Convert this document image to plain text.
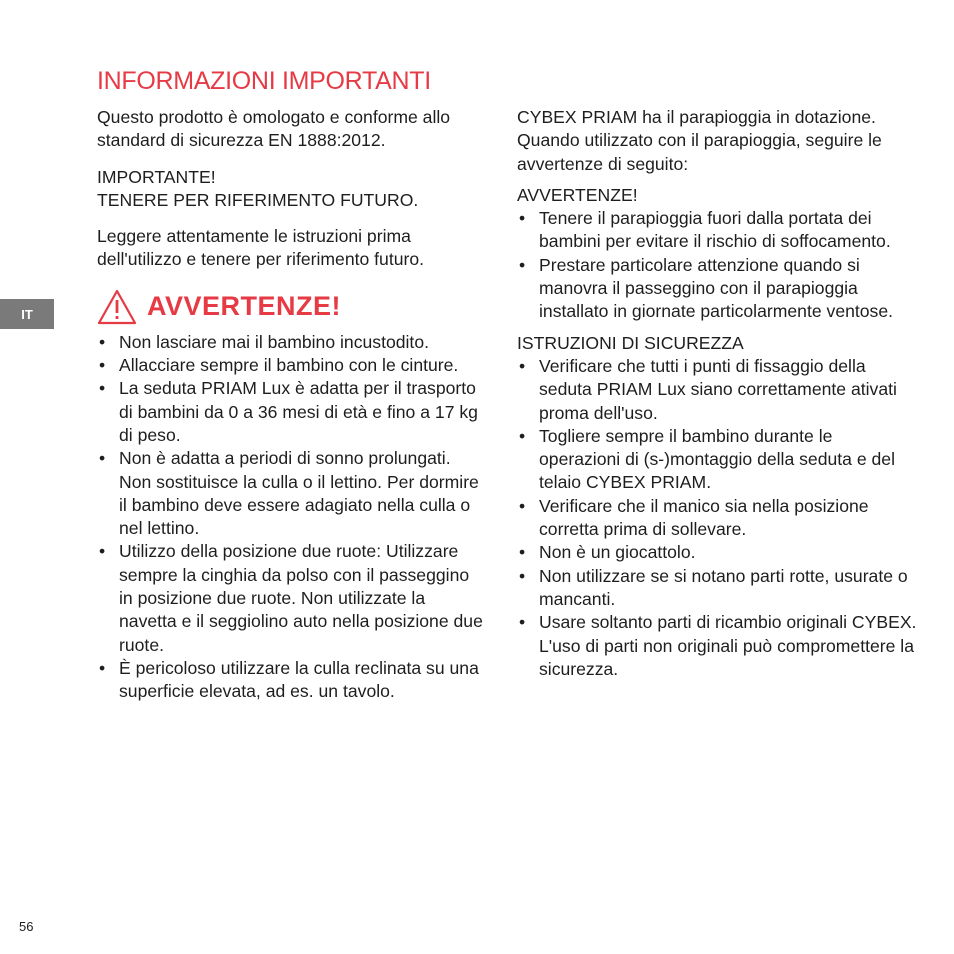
INFORMAZIONI IMPORTANTI
IT

Questo prodotto è omologato e conforme allo standard di sicurezza EN 1888:2012.

IMPORTANTE!

TENERE PER RIFERIMENTO FUTURO.

Leggere attentamente le istruzioni prima dell'utilizzo e tenere per riferimento futuro.

AVVERTENZE!
• Non lasciare mai il bambino incustodito.
• Allacciare sempre il bambino con le cinture.
• La seduta PRIAM Lux è adatta per il trasporto di bambini da 0 a 36 mesi di età e fino a 17 kg di peso.
• Non è adatta a periodi di sonno prolungati. Non sostituisce la culla o il lettino. Per dormire il bambino deve essere adagiato nella culla o nel lettino.
• Utilizzo della posizione due ruote: Utilizzare sempre la cinghia da polso con il passeggino in posizione due ruote. Non utilizzate la navetta e il seggiolino auto nella posizione due ruote.
• È pericoloso utilizzare la culla reclinata su una superficie elevata, ad es. un tavolo.

CYBEX PRIAM ha il parapioggia in dotazione.

Quando utilizzato con il parapioggia, seguire le avvertenze di seguito:

AVVERTENZE!

• Tenere il parapioggia fuori dalla portata dei bambini per evitare il rischio di soffocamento.
• Prestare particolare attenzione quando si manovra il passeggino con il parapioggia installato in giornate particolarmente ventose.

ISTRUZIONI DI SICUREZZA

• Verificare che tutti i punti di fissaggio della seduta PRIAM Lux siano correttamente ativati proma dell'uso.
• Togliere sempre il bambino durante le operazioni di (s-)montaggio della seduta e del telaio CYBEX PRIAM.
• Verificare che il manico sia nella posizione corretta prima di sollevare.
• Non è un giocattolo.
• Non utilizzare se si notano parti rotte, usurate o mancanti.
• Usare soltanto parti di ricambio originali CYBEX. L'uso di parti non originali può compromettere la sicurezza.
56
